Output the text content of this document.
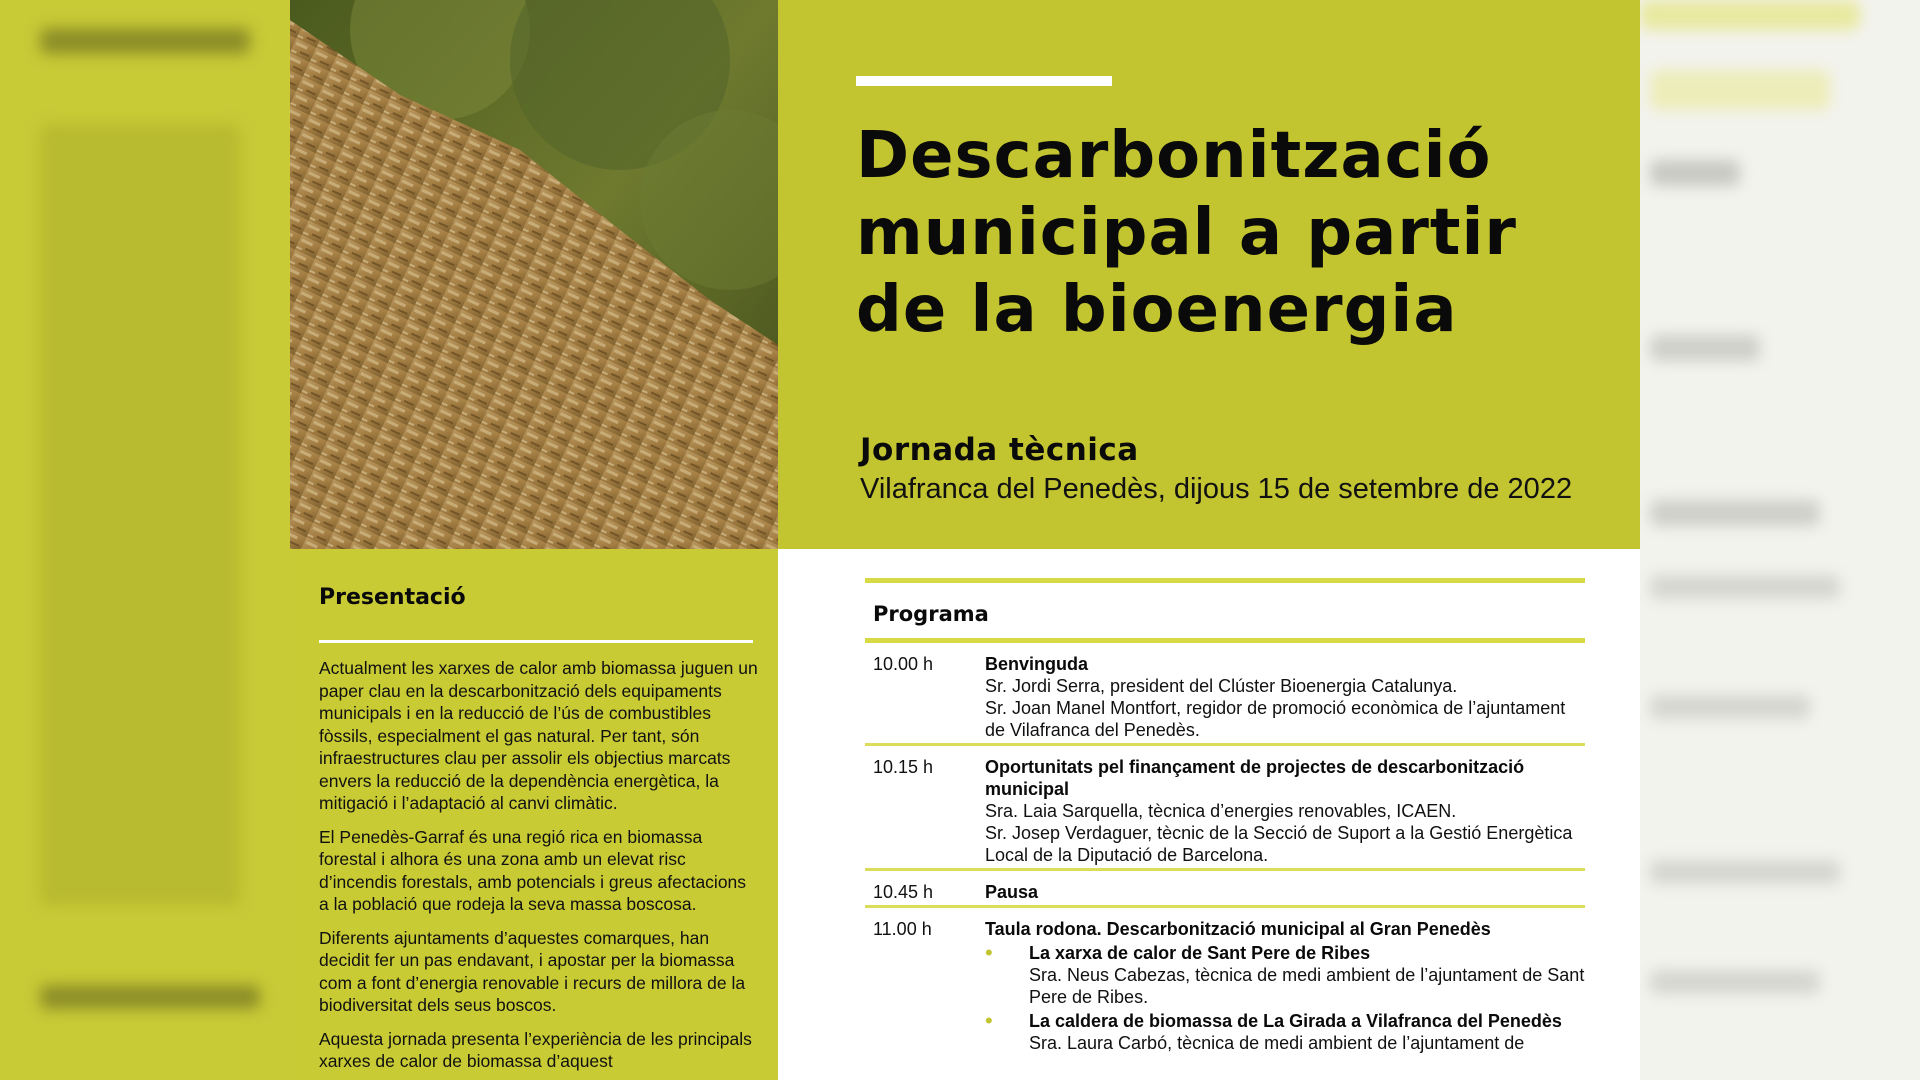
Descarbonització
municipal a partir
de la bioenergia

Jornada tècnica

Vilafranca del Penedès, dijous 15 de setembre de 2022

Presentació

Actualment les xarxes de calor amb biomassa juguen un paper clau en la descarbonització dels equipaments municipals i en la reducció de l’ús de combustibles fòssils, especialment el gas natural. Per tant, són infraestructures clau per assolir els objectius marcats envers la reducció de la dependència energètica, la mitigació i l’adaptació al canvi climàtic.

El Penedès-Garraf és una regió rica en biomassa forestal i alhora és una zona amb un elevat risc d’incendis forestals, amb potencials i greus afectacions a la població que rodeja la seva massa boscosa.

Diferents ajuntaments d’aquestes comarques, han decidit fer un pas endavant, i apostar per la biomassa com a font d’energia renovable i recurs de millora de la biodiversitat dels seus boscos.

Aquesta jornada presenta l’experiència de les principals xarxes de calor de biomassa d’aquest

Programa
10.00 h	Benvinguda

Sr. Jordi Serra, president del Clúster Bioenergia Catalunya.

Sr. Joan Manel Montfort, regidor de promoció econòmica de l’ajuntament de Vilafranca del Penedès.

10.15 h	Oportunitats pel finançament de projectes de descarbonització municipal

Sra. Laia Sarquella, tècnica d’energies renovables, ICAEN.

Sr. Josep Verdaguer, tècnic de la Secció de Suport a la Gestió Energètica Local de la Diputació de Barcelona.

10.45 h	Pausa

11.00 h	Taula rodona. Descarbonització municipal al Gran Penedès

•	La xarxa de calor de Sant Pere de Ribes

Sra. Neus Cabezas, tècnica de medi ambient de l’ajuntament de Sant Pere de Ribes.

•	La caldera de biomassa de La Girada a Vilafranca del Penedès

Sra. Laura Carbó, tècnica de medi ambient de l’ajuntament de
